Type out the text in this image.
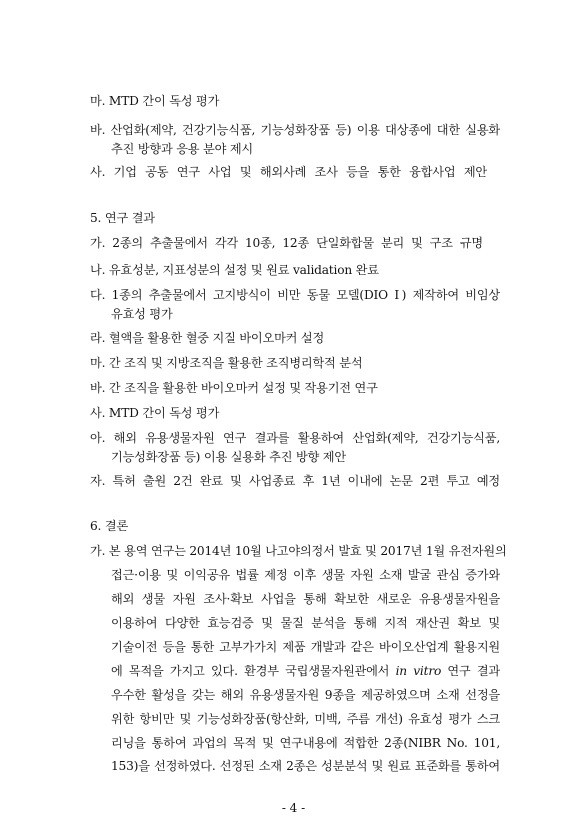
마. MTD 간이 독성 평가
바. 산업화(제약, 건강기능식품, 기능성화장품 등) 이용 대상종에 대한 실용화
추진 방향과 응용 분야 제시
사. 기업 공동 연구 사업 및 해외사례 조사 등을 통한 융합사업 제안
5. 연구 결과
가. 2종의 추출물에서 각각 10종, 12종 단일화합물 분리 및 구조 규명
나. 유효성분, 지표성분의 설정 및 원료 validation 완료
다. 1종의 추출물에서 고지방식이 비만 동물 모델(DIO Ⅰ) 제작하여 비임상
유효성 평가
라. 혈액을 활용한 혈중 지질 바이오마커 설정
마. 간 조직 및 지방조직을 활용한 조직병리학적 분석
바. 간 조직을 활용한 바이오마커 설정 및 작용기전 연구
사. MTD 간이 독성 평가
아. 해외 유용생물자원 연구 결과를 활용하여 산업화(제약, 건강기능식품,
기능성화장품 등) 이용 실용화 추진 방향 제안
자. 특허 출원 2건 완료 및 사업종료 후 1년 이내에 논문 2편 투고 예정
6. 결론
가. 본 용역 연구는 2014년 10월 나고야의정서 발효 및 2017년 1월 유전자원의
접근·이용 및 이익공유 법률 제정 이후 생물 자원 소재 발굴 관심 증가와
해외 생물 자원 조사·확보 사업을 통해 확보한 새로운 유용생물자원을
이용하여 다양한 효능검증 및 물질 분석을 통해 지적 재산권 확보 및
기술이전 등을 통한 고부가가치 제품 개발과 같은 바이오산업계 활용지원
에 목적을 가지고 있다. 환경부 국립생물자원관에서 in vitro 연구 결과
우수한 활성을 갖는 해외 유용생물자원 9종을 제공하였으며 소재 선정을
위한 항비만 및 기능성화장품(항산화, 미백, 주름 개선) 유효성 평가 스크
리닝을 통하여 과업의 목적 및 연구내용에 적합한 2종(NIBR No. 101,
153)을 선정하였다. 선정된 소재 2종은 성분분석 및 원료 표준화를 통하여
- 4 -
